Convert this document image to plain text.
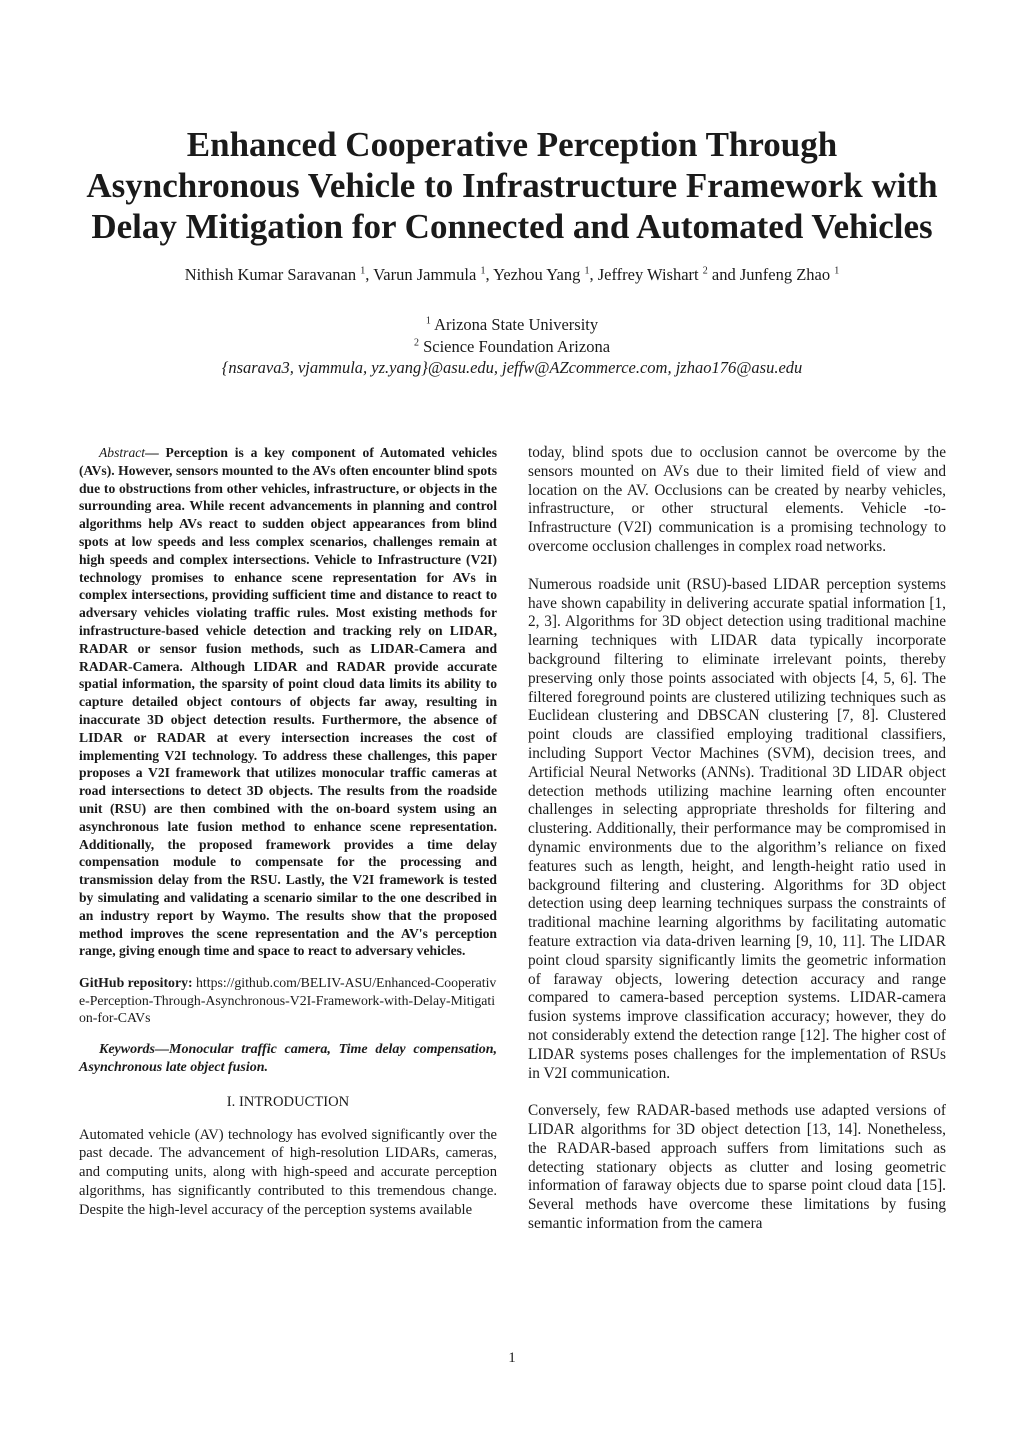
Enhanced Cooperative Perception Through
Asynchronous Vehicle to Infrastructure Framework with
Delay Mitigation for Connected and Automated Vehicles
Nithish Kumar Saravanan $^1$, Varun Jammula $^1$, Yezhou Yang $^1$, Jeffrey Wishart $^2$ and Junfeng Zhao $^1$
$^1$ Arizona State University
$^2$ Science Foundation Arizona
{nsarava3, vjammula, yz.yang}@asu.edu, jeffw@AZcommerce.com, jzhao176@asu.edu

Abstract— Perception is a key component of Automated vehicles (AVs). However, sensors mounted to the AVs often encounter blind spots due to obstructions from other vehicles, infrastructure, or objects in the surrounding area. While recent advancements in planning and control algorithms help AVs react to sudden object appearances from blind spots at low speeds and less complex scenarios, challenges remain at high speeds and complex intersections. Vehicle to Infrastructure (V2I) technology promises to enhance scene representation for AVs in complex intersections, providing sufficient time and distance to react to adversary vehicles violating traffic rules. Most existing methods for infrastructure-based vehicle detection and tracking rely on LIDAR, RADAR or sensor fusion methods, such as LIDAR-Camera and RADAR-Camera. Although LIDAR and RADAR provide accurate spatial information, the sparsity of point cloud data limits its ability to capture detailed object contours of objects far away, resulting in inaccurate 3D object detection results. Furthermore, the absence of LIDAR or RADAR at every intersection increases the cost of implementing V2I technology. To address these challenges, this paper proposes a V2I framework that utilizes monocular traffic cameras at road intersections to detect 3D objects. The results from the roadside unit (RSU) are then combined with the on-board system using an asynchronous late fusion method to enhance scene representation. Additionally, the proposed framework provides a time delay compensation module to compensate for the processing and transmission delay from the RSU. Lastly, the V2I framework is tested by simulating and validating a scenario similar to the one described in an industry report by Waymo. The results show that the proposed method improves the scene representation and the AV's perception range, giving enough time and space to react to adversary vehicles.

GitHub repository: https://github.com/BELIV-ASU/Enhanced-Cooperative-Perception-Through-Asynchronous-V2I-Framework-with-Delay-Mitigation-for-CAVs

Keywords—Monocular traffic camera, Time delay compensation, Asynchronous late object fusion.

I. INTRODUCTION

Automated vehicle (AV) technology has evolved significantly over the past decade. The advancement of high-resolution LIDARs, cameras, and computing units, along with high-speed and accurate perception algorithms, has significantly contributed to this tremendous change. Despite the high-level accuracy of the perception systems available

today, blind spots due to occlusion cannot be overcome by the sensors mounted on AVs due to their limited field of view and location on the AV. Occlusions can be created by nearby vehicles, infrastructure, or other structural elements. Vehicle -to-Infrastructure (V2I) communication is a promising technology to overcome occlusion challenges in complex road networks.

Numerous roadside unit (RSU)-based LIDAR perception systems have shown capability in delivering accurate spatial information [1, 2, 3]. Algorithms for 3D object detection using traditional machine learning techniques with LIDAR data typically incorporate background filtering to eliminate irrelevant points, thereby preserving only those points associated with objects [4, 5, 6]. The filtered foreground points are clustered utilizing techniques such as Euclidean clustering and DBSCAN clustering [7, 8]. Clustered point clouds are classified employing traditional classifiers, including Support Vector Machines (SVM), decision trees, and Artificial Neural Networks (ANNs). Traditional 3D LIDAR object detection methods utilizing machine learning often encounter challenges in selecting appropriate thresholds for filtering and clustering. Additionally, their performance may be compromised in dynamic environments due to the algorithm’s reliance on fixed features such as length, height, and length-height ratio used in background filtering and clustering. Algorithms for 3D object detection using deep learning techniques surpass the constraints of traditional machine learning algorithms by facilitating automatic feature extraction via data-driven learning [9, 10, 11]. The LIDAR point cloud sparsity significantly limits the geometric information of faraway objects, lowering detection accuracy and range compared to camera-based perception systems. LIDAR-camera fusion systems improve classification accuracy; however, they do not considerably extend the detection range [12]. The higher cost of LIDAR systems poses challenges for the implementation of RSUs in V2I communication.

Conversely, few RADAR-based methods use adapted versions of LIDAR algorithms for 3D object detection [13, 14]. Nonetheless, the RADAR-based approach suffers from limitations such as detecting stationary objects as clutter and losing geometric information of faraway objects due to sparse point cloud data [15]. Several methods have overcome these limitations by fusing semantic information from the camera

1
